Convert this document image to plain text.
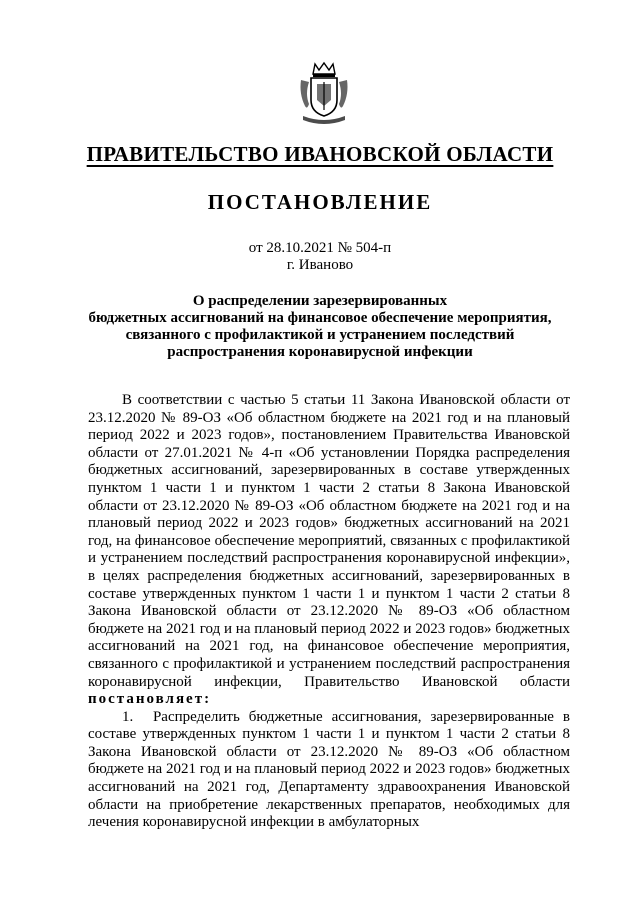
ПРАВИТЕЛЬСТВО ИВАНОВСКОЙ ОБЛАСТИ
ПОСТАНОВЛЕНИЕ
от 28.10.2021 № 504-п
г. Иваново
О распределении зарезервированных
бюджетных ассигнований на финансовое обеспечение мероприятия,
связанного с профилактикой и устранением последствий
распространения коронавирусной инфекции

В соответствии с частью 5 статьи 11 Закона Ивановской области от 23.12.2020 № 89-ОЗ «Об областном бюджете на 2021 год и на плановый период 2022 и 2023 годов», постановлением Правительства Ивановской области от 27.01.2021 № 4-п «Об установлении Порядка распределения бюджетных ассигнований, зарезервированных в составе утвержденных пунктом 1 части 1 и пунктом 1 части 2 статьи 8 Закона Ивановской области от 23.12.2020 № 89-ОЗ «Об областном бюджете на 2021 год и на плановый период 2022 и 2023 годов» бюджетных ассигнований на 2021 год, на финансовое обеспечение мероприятий, связанных с профилактикой и устранением последствий распространения коронавирусной инфекции», в целях распределения бюджетных ассигнований, зарезервированных в составе утвержденных пунктом 1 части 1 и пунктом 1 части 2 статьи 8 Закона Ивановской области от 23.12.2020 № 89-ОЗ «Об областном бюджете на 2021 год и на плановый период 2022 и 2023 годов» бюджетных ассигнований на 2021 год, на финансовое обеспечение мероприятия, связанного с профилактикой и устранением последствий распространения коронавирусной инфекции, Правительство Ивановской области постановляет:

1. Распределить бюджетные ассигнования, зарезервированные в составе утвержденных пунктом 1 части 1 и пунктом 1 части 2 статьи 8 Закона Ивановской области от 23.12.2020 № 89-ОЗ «Об областном бюджете на 2021 год и на плановый период 2022 и 2023 годов» бюджетных ассигнований на 2021 год, Департаменту здравоохранения Ивановской области на приобретение лекарственных препаратов, необходимых для лечения коронавирусной инфекции в амбулаторных
